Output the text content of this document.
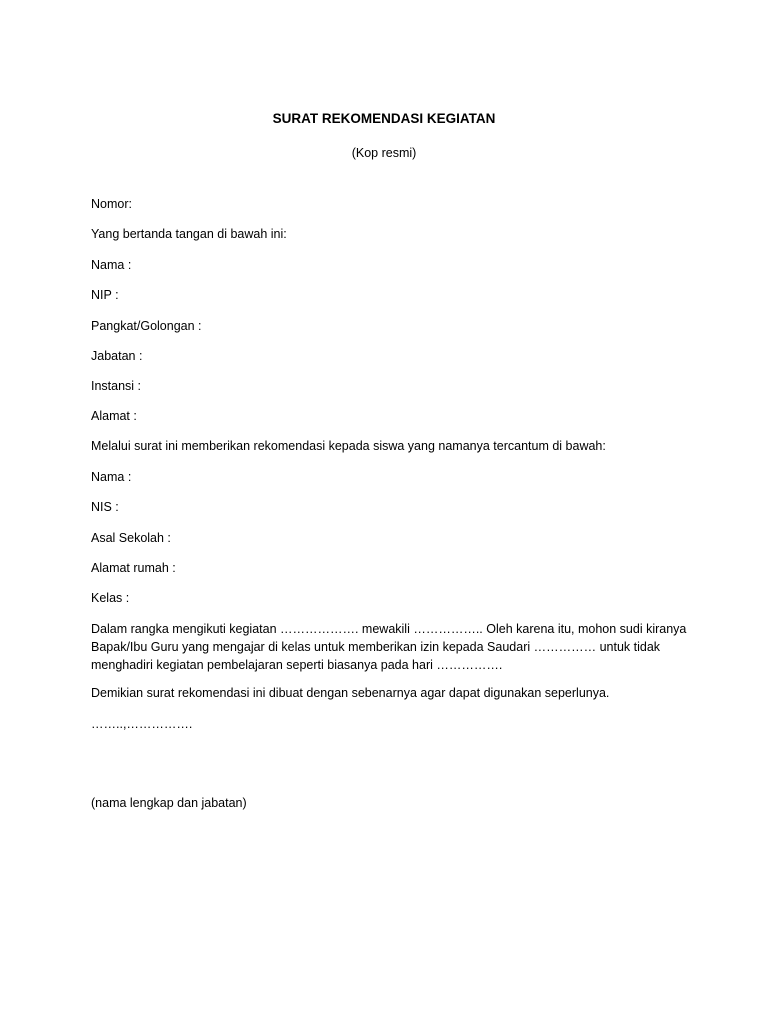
SURAT REKOMENDASI KEGIATAN
(Kop resmi)
Nomor:
Yang bertanda tangan di bawah ini:
Nama :
NIP :
Pangkat/Golongan :
Jabatan :
Instansi :
Alamat :
Melalui surat ini memberikan rekomendasi kepada siswa yang namanya tercantum di bawah:
Nama :
NIS :
Asal Sekolah :
Alamat rumah :
Kelas :
Dalam rangka mengikuti kegiatan ………………. mewakili …………….. Oleh karena itu, mohon sudi kiranya
Bapak/Ibu Guru yang mengajar di kelas untuk memberikan izin kepada Saudari …………… untuk tidak
menghadiri kegiatan pembelajaran seperti biasanya pada hari …………….
Demikian surat rekomendasi ini dibuat dengan sebenarnya agar dapat digunakan seperlunya.
……..,…………….
(nama lengkap dan jabatan)
